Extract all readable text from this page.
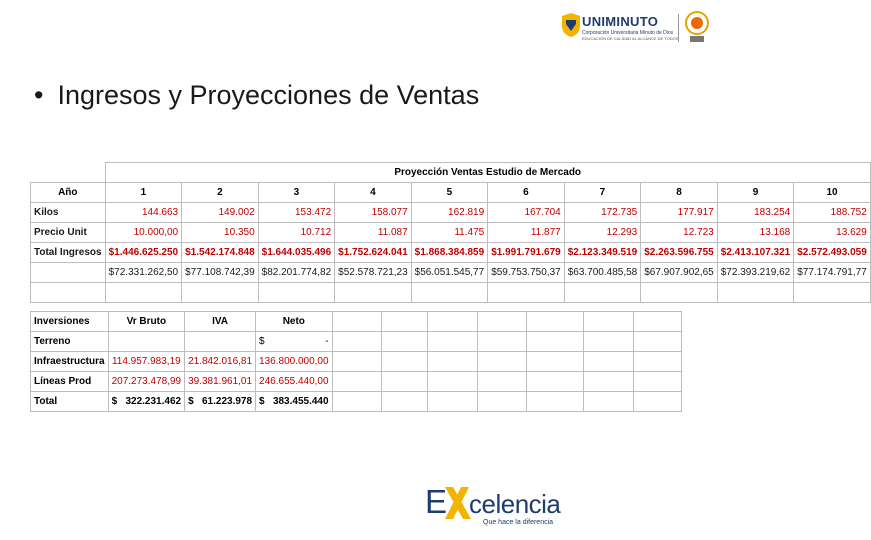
UNIMINUTO
Corporación Universitaria Minuto de Dios
EDUCACIÓN DE CALIDAD AL ALCANCE DE TODOS
• Ingresos y Proyecciones de Ventas
	Proyección Ventas Estudio de Mercado									
Año	1	2	3	4	5	6	7	8	9	10
Kilos	144.663	149.002	153.472	158.077	162.819	167.704	172.735	177.917	183.254	188.752
Precio Unit	10.000,00	10.350	10.712	11.087	11.475	11.877	12.293	12.723	13.168	13.629
Total Ingresos	$1.446.625.250	$1.542.174.848	$1.644.035.496	$1.752.624.041	$1.868.384.859	$1.991.791.679	$2.123.349.519	$2.263.596.755	$2.413.107.321	$2.572.493.059
	$72.331.262,50	$77.108.742,39	$82.201.774,82	$52.578.721,23	$56.051.545,77	$59.753.750,37	$63.700.485,58	$67.907.902,65	$72.393.219,62	$77.174.791,77

Inversiones	Vr Bruto	IVA	Neto							
Terreno			$ -							

Infraestructura	114.957.983,19	21.842.016,81	136.800.000,00							
Líneas Prod	207.273.478,99	39.381.961,01	246.655.440,00							
Total	$ 322.231.462	$ 61.223.978	$ 383.455.440							

E celencia
Que hace la diferencia
